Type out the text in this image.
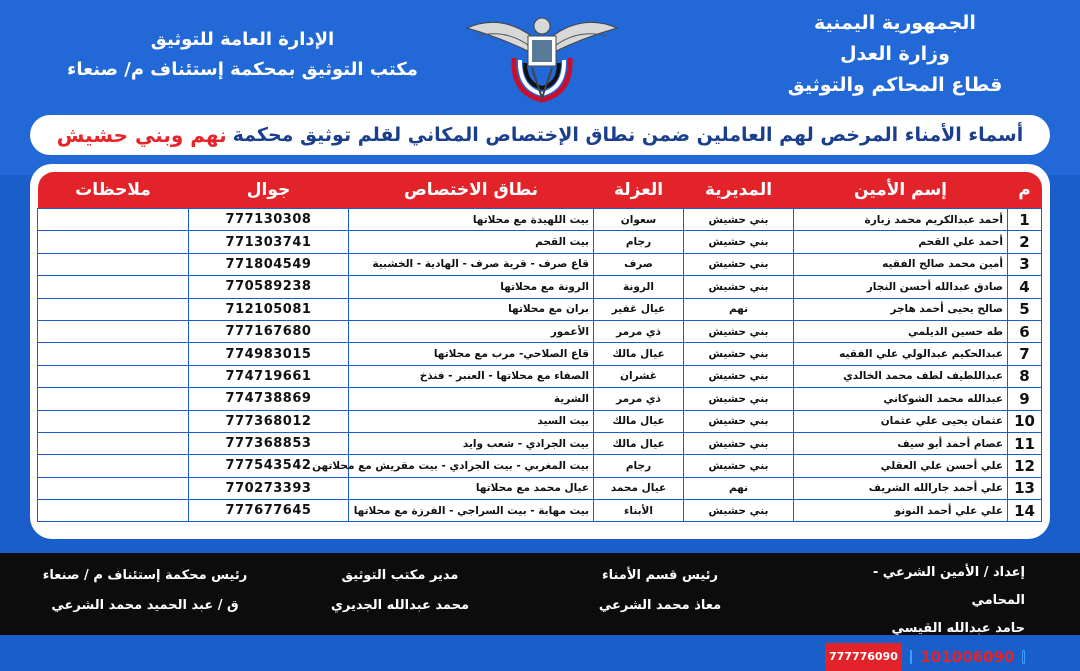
الجمهورية اليمنية
وزارة العدل
قطاع المحاكم والتوثيق
الإدارة العامة للتوثيق
مكتب التوثيق بمحكمة إستئناف م/ صنعاء
أسماء الأمناء المرخص لهم العاملين ضمن نطاق الإختصاص المكاني لقلم توثيق محكمة
نهم وبني حشيش
م	إسم الأمين	المديرية	العزلة	نطاق الاختصاص	جوال	ملاحظات
1	أحمد عبدالكريم محمد زبارة	بني حشيش	سعوان	بيت اللهيدة مع محلاتها	777130308	
2	أحمد علي القحم	بني حشيش	رجام	بيت القحم	771303741	
3	أمين محمد صالح الفقيه	بني حشيش	صرف	قاع صرف - قرية صرف - الهادية - الخشبية	771804549	
4	صادق عبدالله أحسن النجار	بني حشيش	الرونة	الرونة مع محلاتها	770589238	
5	صالح يحيى أحمد هاجر	نهم	عيال غفير	بران مع محلاتها	712105081	
6	طه حسين الديلمي	بني حشيش	ذي مرمر	الأعمور	777167680	
7	عبدالحكيم عبدالولي علي الفقيه	بني حشيش	عيال مالك	قاع الصلاحي- مرب مع محلاتها	774983015	
8	عبداللطيف لطف محمد الخالدي	بني حشيش	غشران	الصفاء مع محلاتها - العنبر - فنذخ	774719661	
9	عبدالله محمد الشوكاني	بني حشيش	ذي مرمر	الشرية	774738869	
10	عثمان يحيى علي عثمان	بني حشيش	عيال مالك	بيت السيد	777368012	
11	عصام أحمد أبو سيف	بني حشيش	عيال مالك	بيت الجرادي - شعب وايد	777368853	
12	علي أحسن علي العقلي	بني حشيش	رجام	بيت المغربي - بيت الجرادي - بيت مقريش مع محلاتهن	777543542	
13	علي أحمد جارالله الشريف	نهم	عيال محمد	عيال محمد مع محلاتها	770273393	
14	علي علي أحمد النونو	بني حشيش	الأبناء	بيت مهابة - بيت السراجي - الفرزة مع محلاتها	777677645	
إعداد / الأمين الشرعي - المحامي
حامد عبدالله القيسي
101006090
777776090
رئيس قسم الأمناء
معاذ محمد الشرعي
مدير مكتب التوثيق
محمد عبدالله الجديري
رئيس محكمة إستئناف م / صنعاء
ق / عبد الحميد محمد الشرعي
